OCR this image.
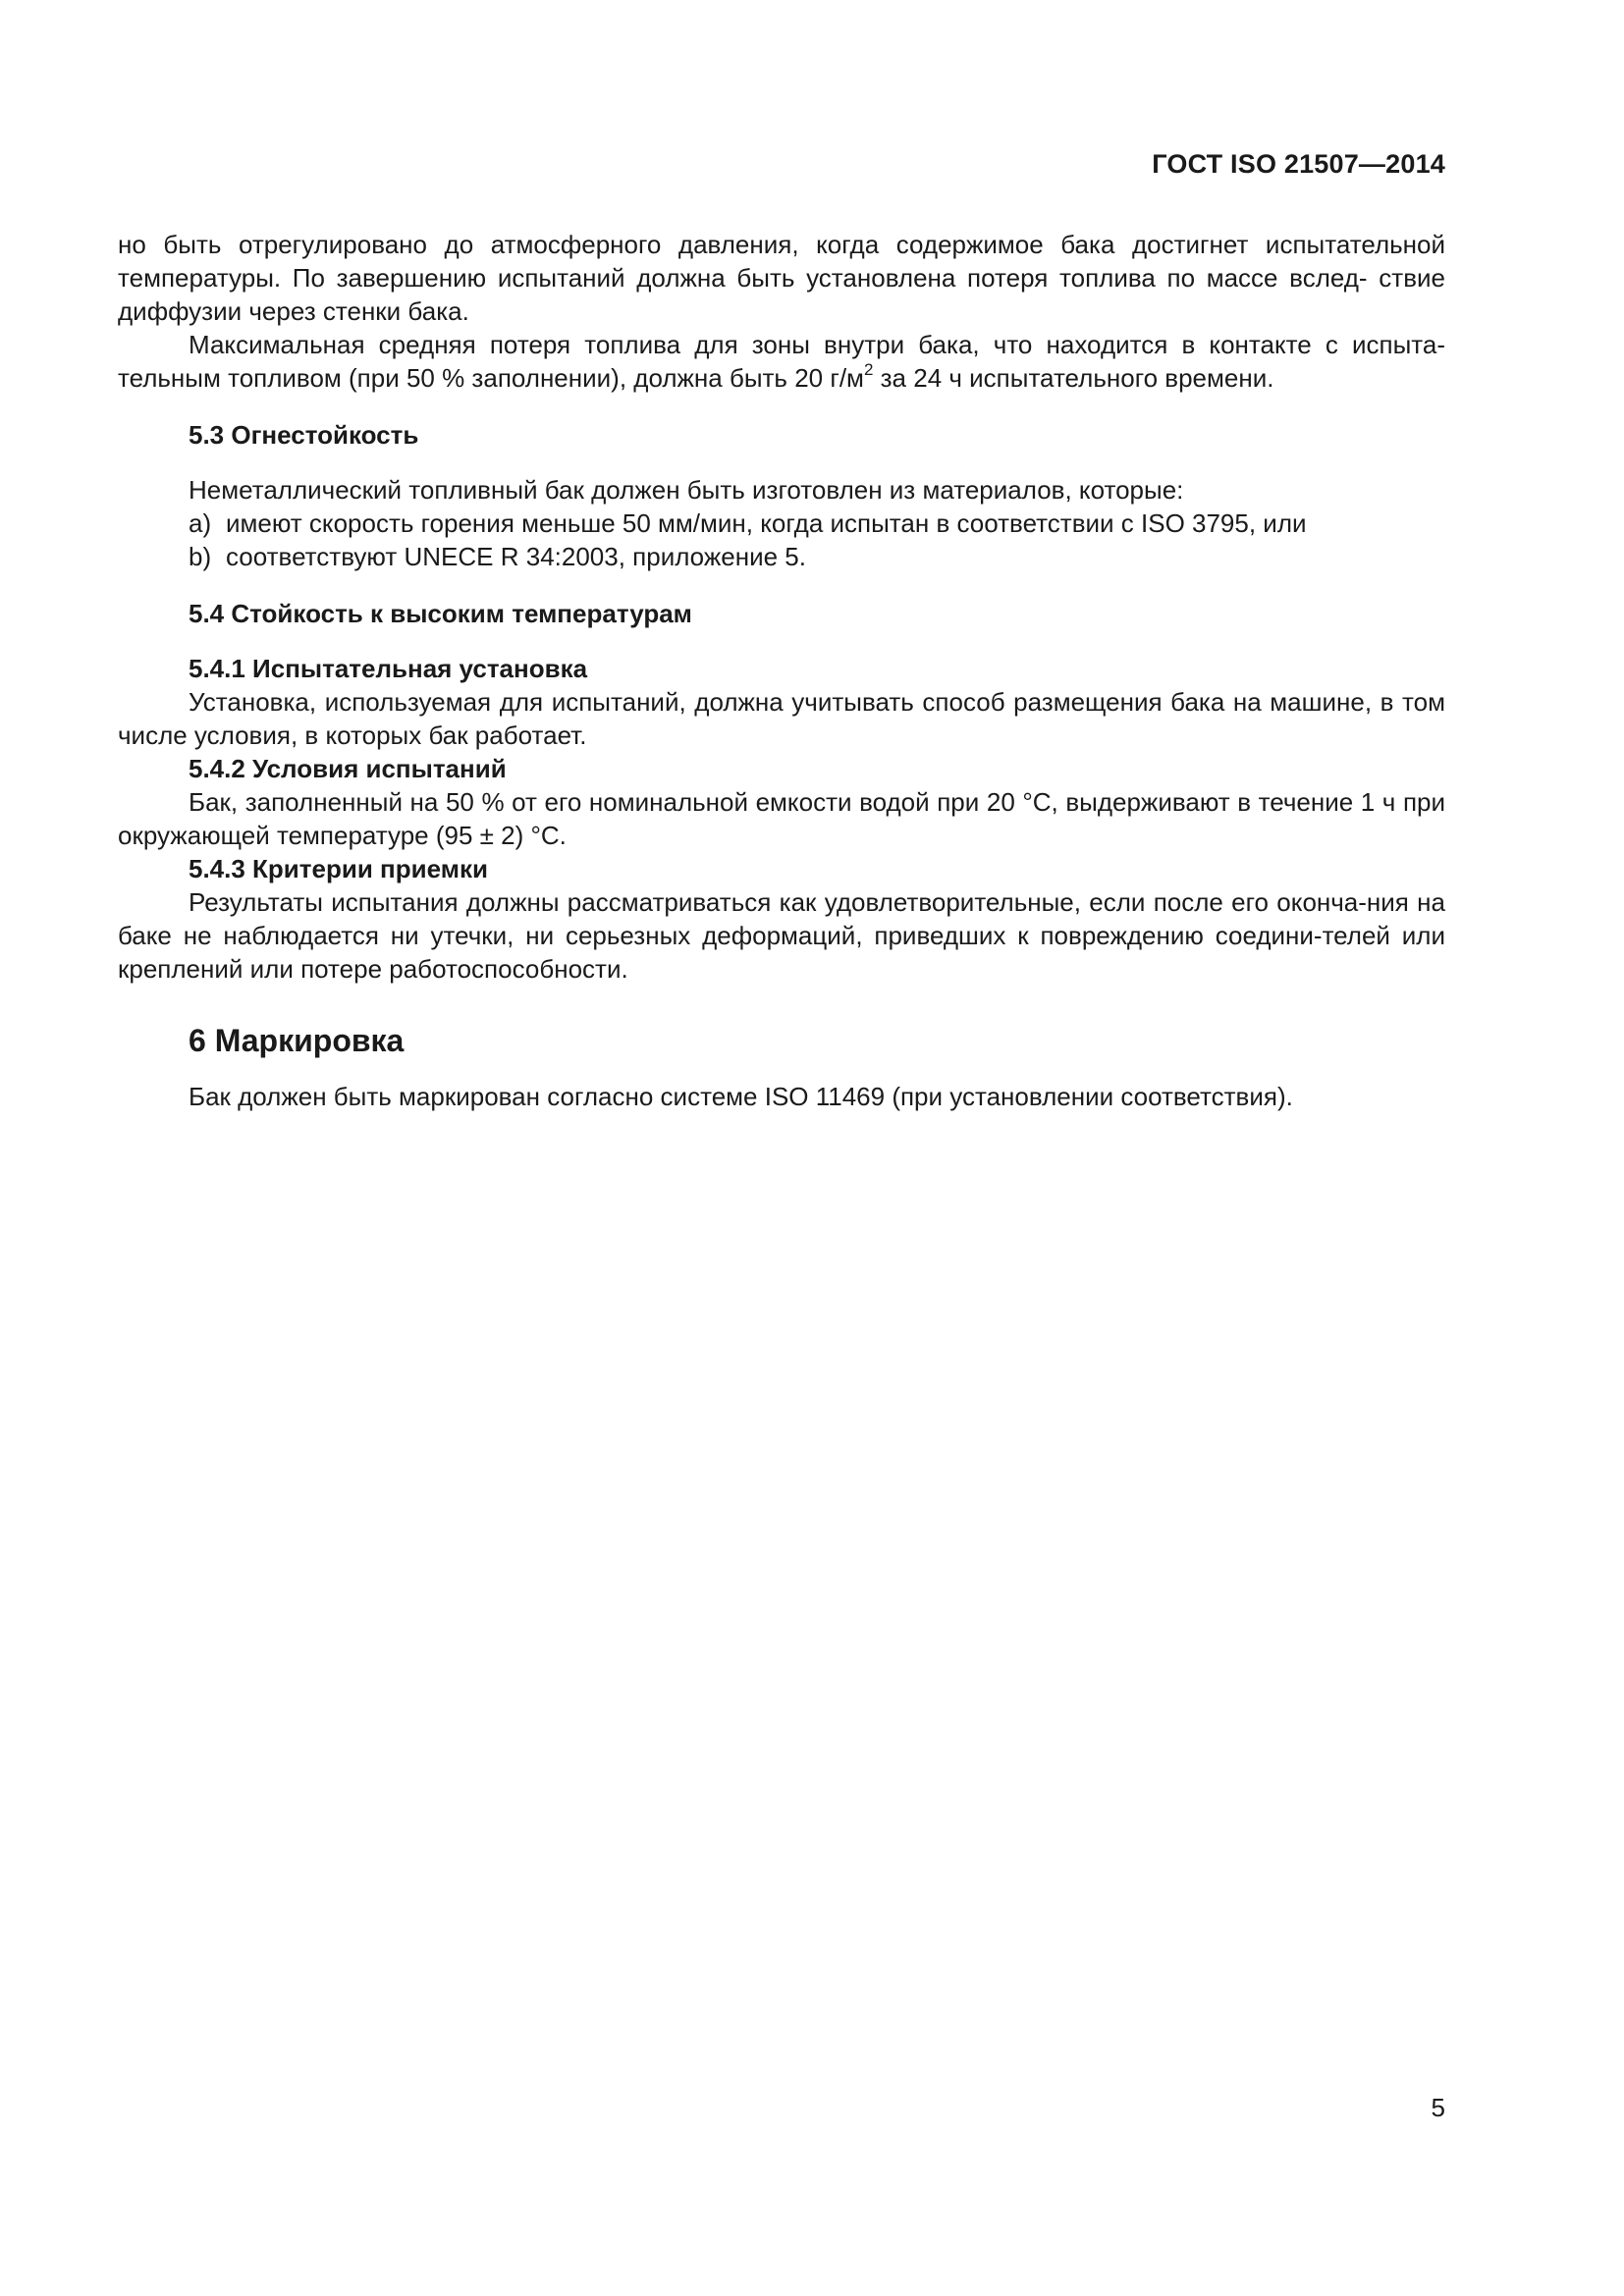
ГОСТ ISO 21507—2014

но быть отрегулировано до атмосферного давления, когда содержимое бака достигнет испытательной температуры. По завершению испытаний должна быть установлена потеря топлива по массе вслед- ствие диффузии через стенки бака.

Максимальная средняя потеря топлива для зоны внутри бака, что находится в контакте с испыта-тельным топливом (при 50 % заполнении), должна быть 20 $г/м^2$ за 24 ч испытательного времени.

5.3 Огнестойкость

Неметаллический топливный бак должен быть изготовлен из материалов, которые:

a) имеют скорость горения меньше 50 мм/мин, когда испытан в соответствии с ISO 3795, или
b) соответствуют UNECE R 34:2003, приложение 5.
5.4 Стойкость к высоким температурам
5.4.1 Испытательная установка

Установка, используемая для испытаний, должна учитывать способ размещения бака на машине, в том числе условия, в которых бак работает.

5.4.2 Условия испытаний

Бак, заполненный на 50 % от его номинальной емкости водой при 20 °С, выдерживают в течение 1 ч при окружающей температуре (95 ± 2) °С.

5.4.3 Критерии приемки

Результаты испытания должны рассматриваться как удовлетворительные, если после его оконча-ния на баке не наблюдается ни утечки, ни серьезных деформаций, приведших к повреждению соедини-телей или креплений или потере работоспособности.

6 Маркировка

Бак должен быть маркирован согласно системе ISO 11469 (при установлении соответствия).

5
